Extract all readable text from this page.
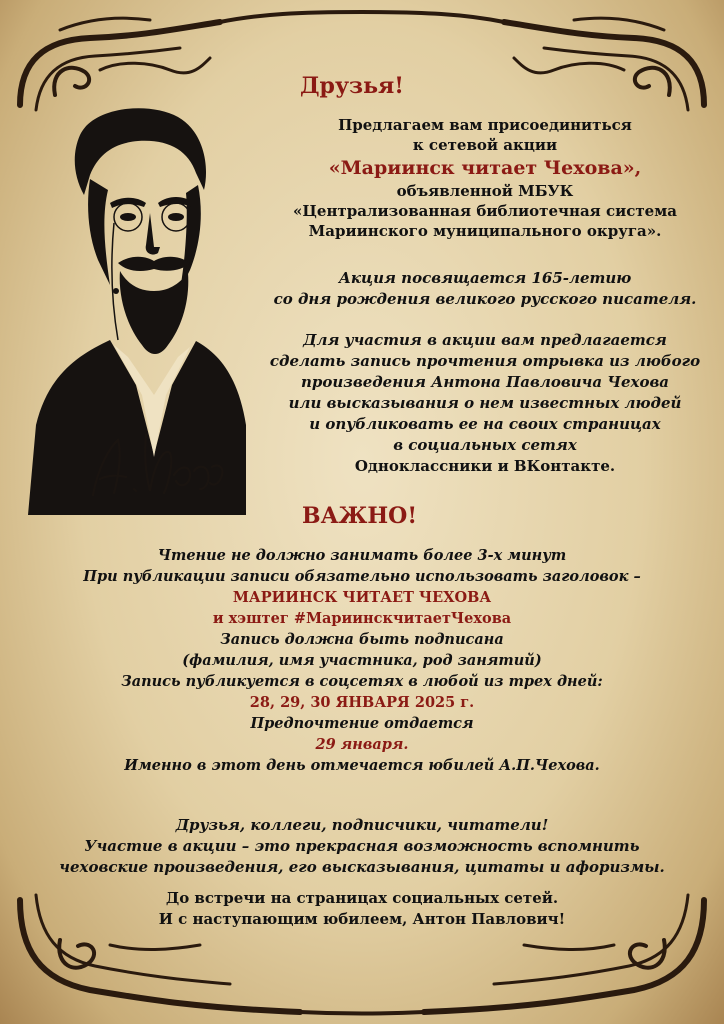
Друзья!
Предлагаем вам присоединиться
к сетевой акции
«Мариинск читает Чехова»,
объявленной МБУК
«Централизованная библиотечная система
Мариинского муниципального округа».
Акция посвящается 165-летию
со дня рождения великого русского писателя.
Для участия в акции вам предлагается
сделать запись прочтения отрывка из любого
произведения Антона Павловича Чехова
или высказывания о нем известных людей
и опубликовать ее на своих страницах
в социальных сетях
Одноклассники и ВКонтакте.
ВАЖНО!
Чтение не должно занимать более 3-х минут
При публикации записи обязательно использовать заголовок –
МАРИИНСК ЧИТАЕТ ЧЕХОВА
и хэштег #МариинскчитаетЧехова
Запись должна быть подписана
(фамилия, имя участника, род занятий)
Запись публикуется в соцсетях в любой из трех дней:
28, 29, 30 ЯНВАРЯ 2025 г.
Предпочтение отдается
29 января.
Именно в этот день отмечается юбилей А.П.Чехова.
Друзья, коллеги, подписчики, читатели!
Участие в акции – это прекрасная возможность вспомнить
чеховские произведения, его высказывания, цитаты и афоризмы.
До встречи на страницах социальных сетей.
И с наступающим юбилеем, Антон Павлович!
